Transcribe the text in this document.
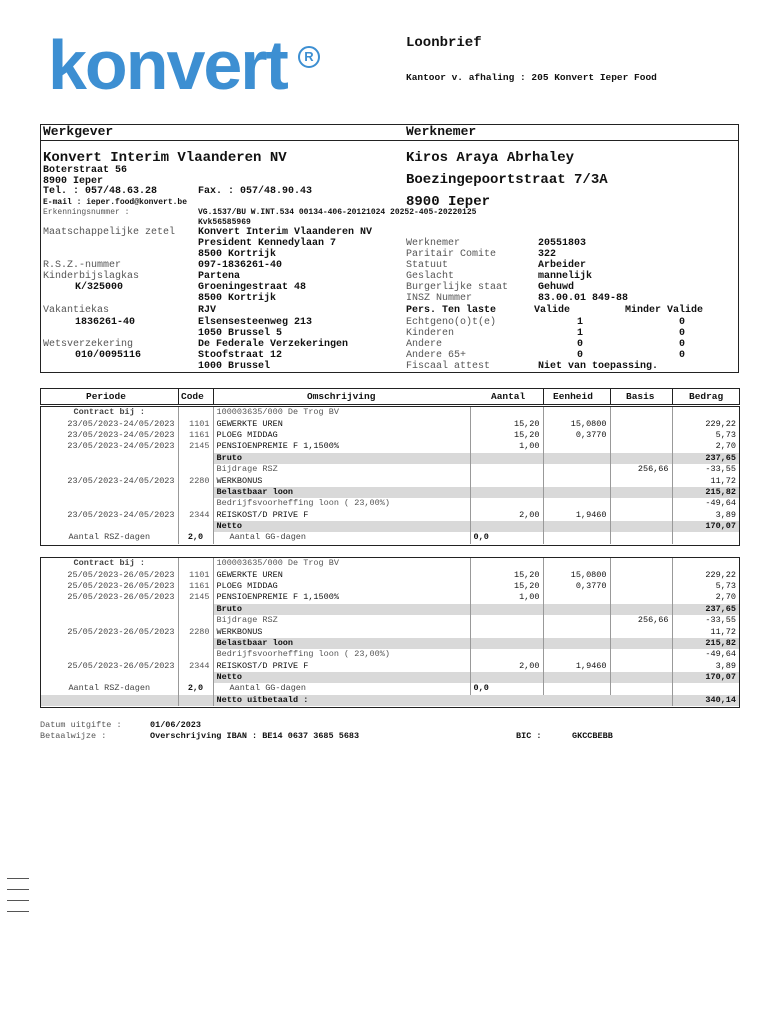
konvert	R
Loonbrief
Kantoor v. afhaling : 205 Konvert Ieper Food
Werkgever	Werknemer
Konvert Interim Vlaanderen NV
Boterstraat 56
8900 Ieper
Tel. : 057/48.63.28	Fax. : 057/48.90.43
E-mail : ieper.food@konvert.be
Erkenningsnummer :	VG.1537/BU W.INT.534 00134-406-20121024 20252-405-20220125
Kvk56585969
Maatschappelijke zetel Konvert Interim Vlaanderen NV
President Kennedylaan 7
8500 Kortrijk
R.S.Z.-nummer	097-1836261-40
Kinderbijslagkas	Partena
K/325000	Groeningestraat 48
8500 Kortrijk
Vakantiekas	RJV
1836261-40	Elsensesteenweg 213
1050 Brussel 5
Wetsverzekering	De Federale Verzekeringen
010/0095116	Stoofstraat 12
1000 Brussel
Kiros Araya Abrhaley
Boezingepoortstraat 7/3A
8900 Ieper
Werknemer	20551803
Paritair Comite	322
Statuut	Arbeider
Geslacht	mannelijk
Burgerlijke staat	Gehuwd
INSZ Nummer	83.00.01 849-88
Pers. Ten laste	Valide	Minder Valide
Echtgeno(o)t(e)	1	0
Kinderen	1	0
Andere	0	0
Andere 65+	0	0
Fiscaal attest	Niet van toepassing.
Periode	Code	Omschrijving	Aantal	Eenheid	Basis	Bedrag
Contract bij :		100003635/000 De Trog BV				
23/05/2023-24/05/2023	1101	GEWERKTE UREN	15,20	15,0800		229,22
23/05/2023-24/05/2023	1161	PLOEG MIDDAG	15,20	0,3770		5,73
23/05/2023-24/05/2023	2145	PENSIOENPREMIE F 1,1500%	1,00			2,70
		Bruto				237,65
		Bijdrage RSZ			256,66	-33,55
23/05/2023-24/05/2023	2280	WERKBONUS				11,72
		Belastbaar loon				215,82
		Bedrijfsvoorheffing loon ( 23,00%)				-49,64
23/05/2023-24/05/2023	2344	REISKOST/D PRIVE F	2,00	1,9460		3,89
		Netto				170,07
Aantal RSZ-dagen	2,0	Aantal GG-dagen	0,0			
Contract bij :		100003635/000 De Trog BV				
25/05/2023-26/05/2023	1101	GEWERKTE UREN	15,20	15,0800		229,22
25/05/2023-26/05/2023	1161	PLOEG MIDDAG	15,20	0,3770		5,73
25/05/2023-26/05/2023	2145	PENSIOENPREMIE F 1,1500%	1,00			2,70
		Bruto				237,65
		Bijdrage RSZ			256,66	-33,55
25/05/2023-26/05/2023	2280	WERKBONUS				11,72
		Belastbaar loon				215,82
		Bedrijfsvoorheffing loon ( 23,00%)				-49,64
25/05/2023-26/05/2023	2344	REISKOST/D PRIVE F	2,00	1,9460		3,89
		Netto				170,07
Aantal RSZ-dagen	2,0	Aantal GG-dagen	0,0			
		Netto uitbetaald :				340,14
Datum uitgifte :	01/06/2023
Betaalwijze :	Overschrijving IBAN : BE14 0637 3685 5683	BIC :	GKCCBEBB
